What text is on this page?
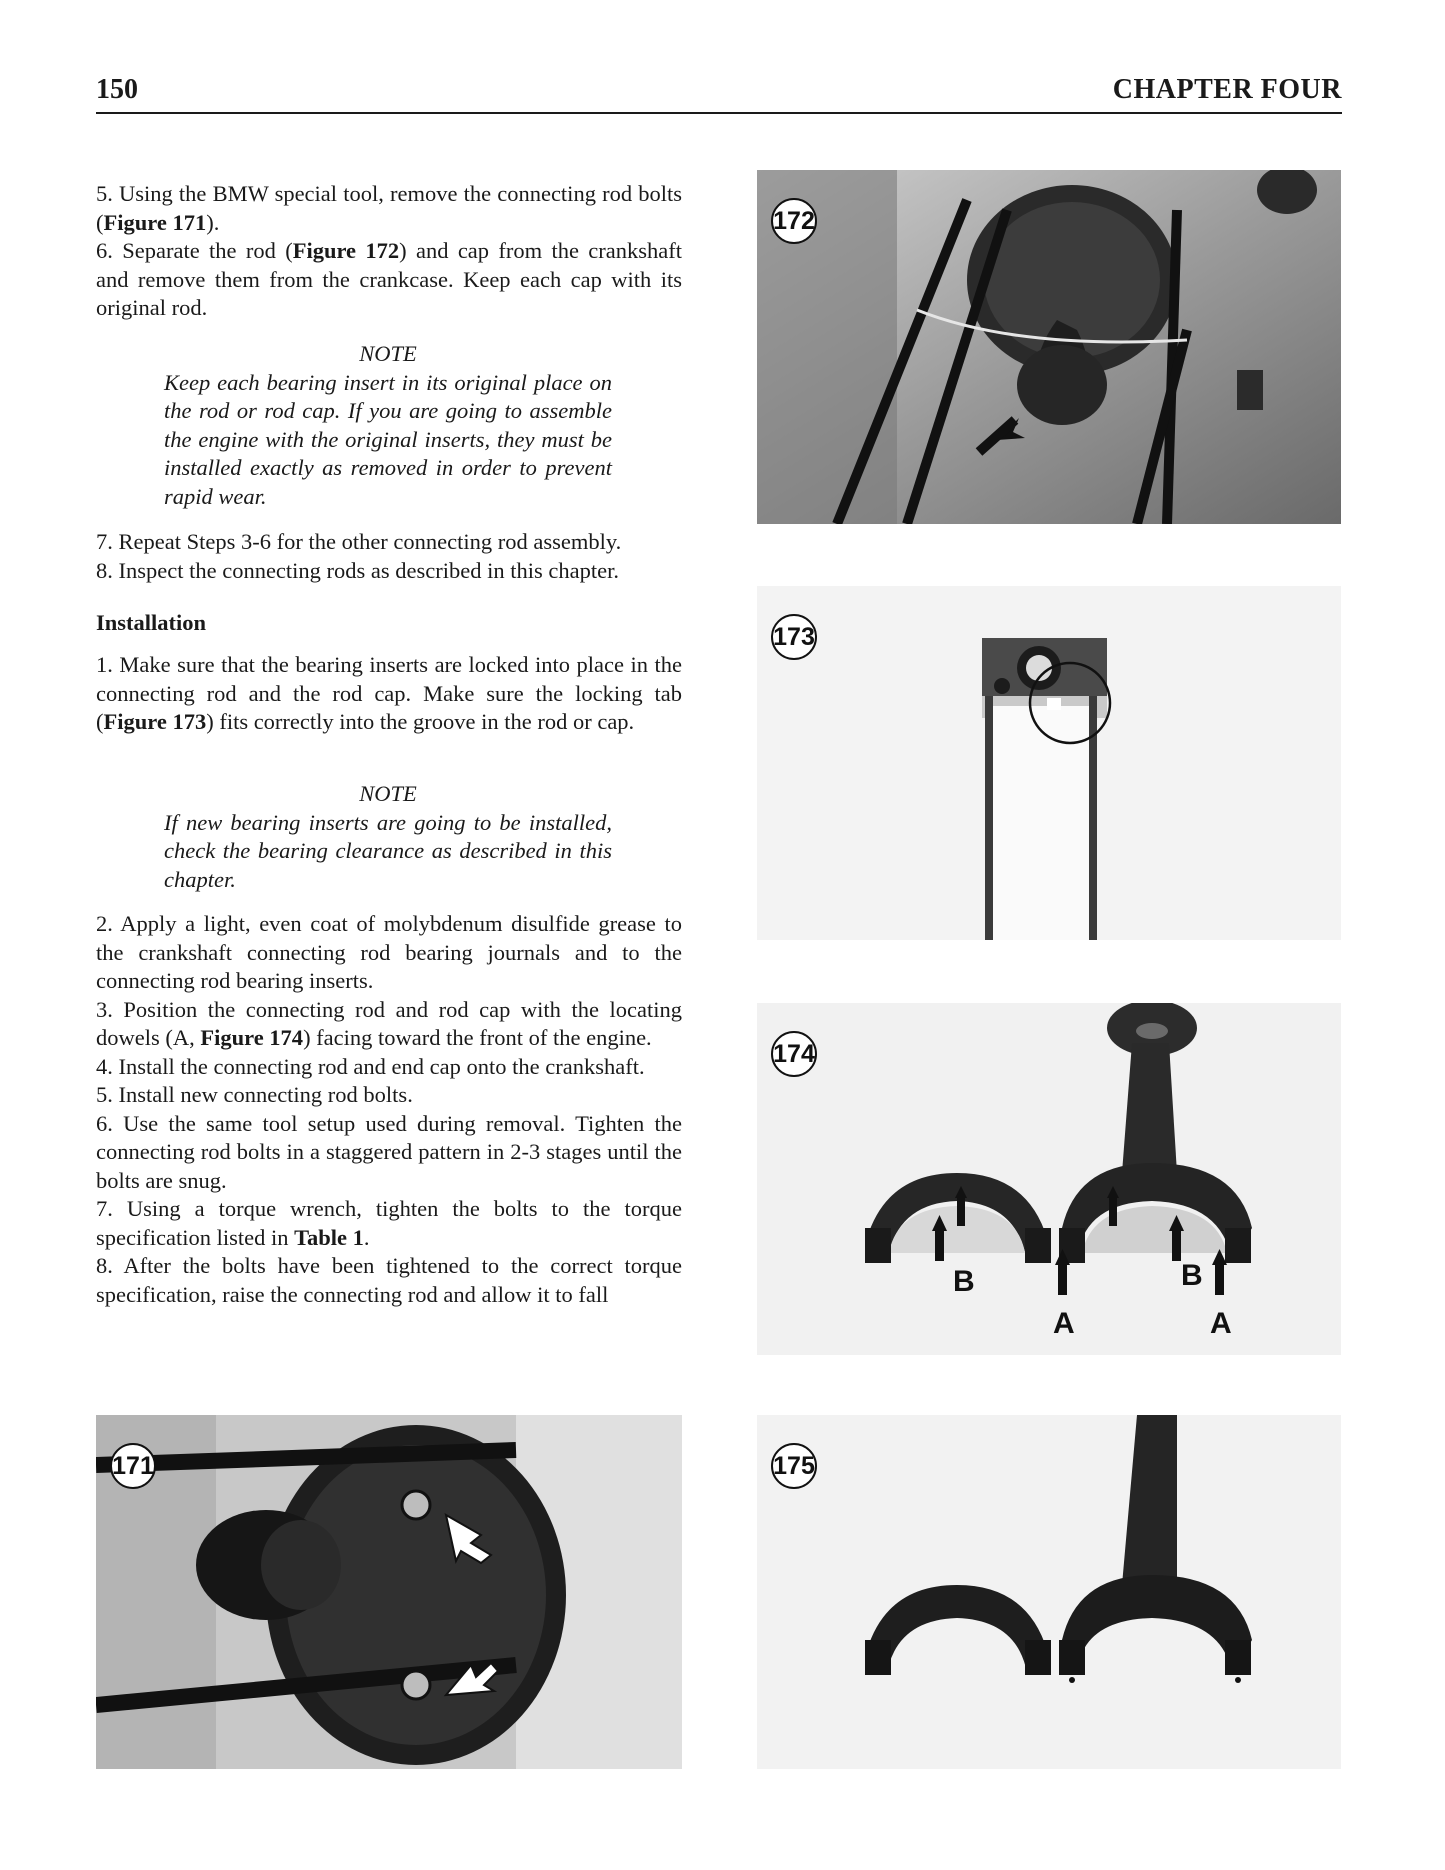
150	CHAPTER FOUR

5. Using the BMW special tool, remove the connecting rod bolts (Figure 171).

6. Separate the rod (Figure 172) and cap from the crankshaft and remove them from the crankcase. Keep each cap with its original rod.

NOTE
Keep each bearing insert in its original place on the rod or rod cap. If you are going to assemble the engine with the original inserts, they must be installed exactly as removed in order to prevent rapid wear.

7. Repeat Steps 3-6 for the other connecting rod assembly.

8. Inspect the connecting rods as described in this chapter.

Installation

1. Make sure that the bearing inserts are locked into place in the connecting rod and the rod cap. Make sure the locking tab (Figure 173) fits correctly into the groove in the rod or cap.

NOTE
If new bearing inserts are going to be installed, check the bearing clearance as described in this chapter.

2. Apply a light, even coat of molybdenum disulfide grease to the crankshaft connecting rod bearing journals and to the connecting rod bearing inserts.

3. Position the connecting rod and rod cap with the locating dowels (A, Figure 174) facing toward the front of the engine.

4. Install the connecting rod and end cap onto the crankshaft.

5. Install new connecting rod bolts.

6. Use the same tool setup used during removal. Tighten the connecting rod bolts in a staggered pattern in 2-3 stages until the bolts are snug.

7. Using a torque wrench, tighten the bolts to the torque specification listed in Table 1.

8. After the bolts have been tightened to the correct torque specification, raise the connecting rod and allow it to fall

172
173
174
B	B
A	A
171	175
